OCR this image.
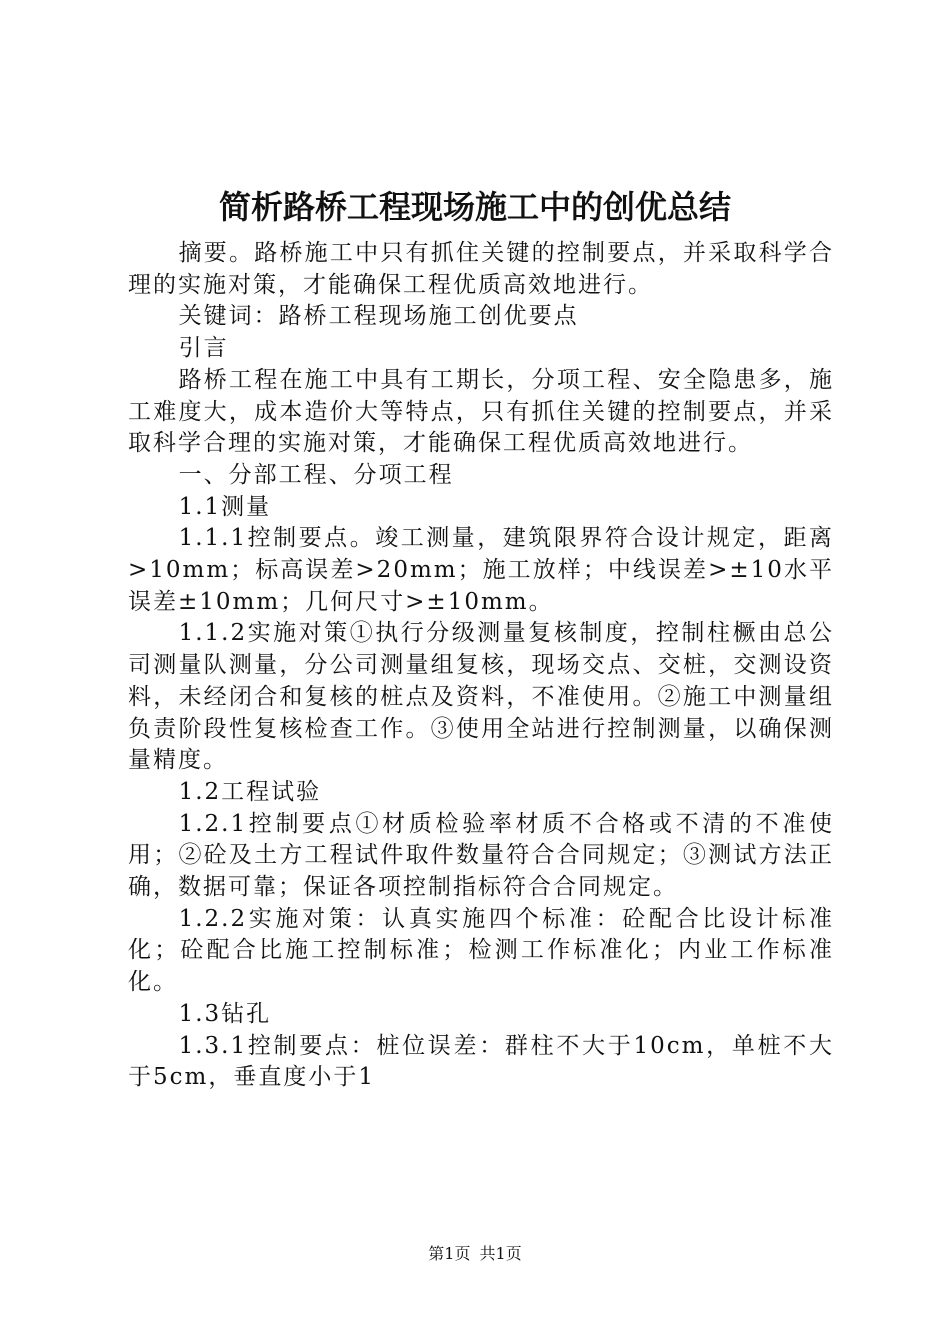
简析路桥工程现场施工中的创优总结

摘要。路桥施工中只有抓住关键的控制要点，并采取科学合理的实施对策，才能确保工程优质高效地进行。

关键词：路桥工程现场施工创优要点

引言

路桥工程在施工中具有工期长，分项工程、安全隐患多，施工难度大，成本造价大等特点，只有抓住关键的控制要点，并采取科学合理的实施对策，才能确保工程优质高效地进行。

一、分部工程、分项工程

1.1测量

1.1.1控制要点。竣工测量，建筑限界符合设计规定，距离>10mm；标高误差>20mm；施工放样；中线误差>±10水平误差±10mm；几何尺寸>±10mm。

1.1.2实施对策①执行分级测量复核制度，控制柱橛由总公司测量队测量，分公司测量组复核，现场交点、交桩，交测设资料，未经闭合和复核的桩点及资料，不准使用。②施工中测量组负责阶段性复核检查工作。③使用全站进行控制测量，以确保测量精度。

1.2工程试验

1.2.1控制要点①材质检验率材质不合格或不清的不准使用；②砼及土方工程试件取件数量符合合同规定；③测试方法正确，数据可靠；保证各项控制指标符合合同规定。

1.2.2实施对策：认真实施四个标准：砼配合比设计标准化；砼配合比施工控制标准；检测工作标准化；内业工作标准化。

1.3钻孔

1.3.1控制要点：桩位误差：群柱不大于10cm，单桩不大于5cm，垂直度小于1

第1页 共1页
